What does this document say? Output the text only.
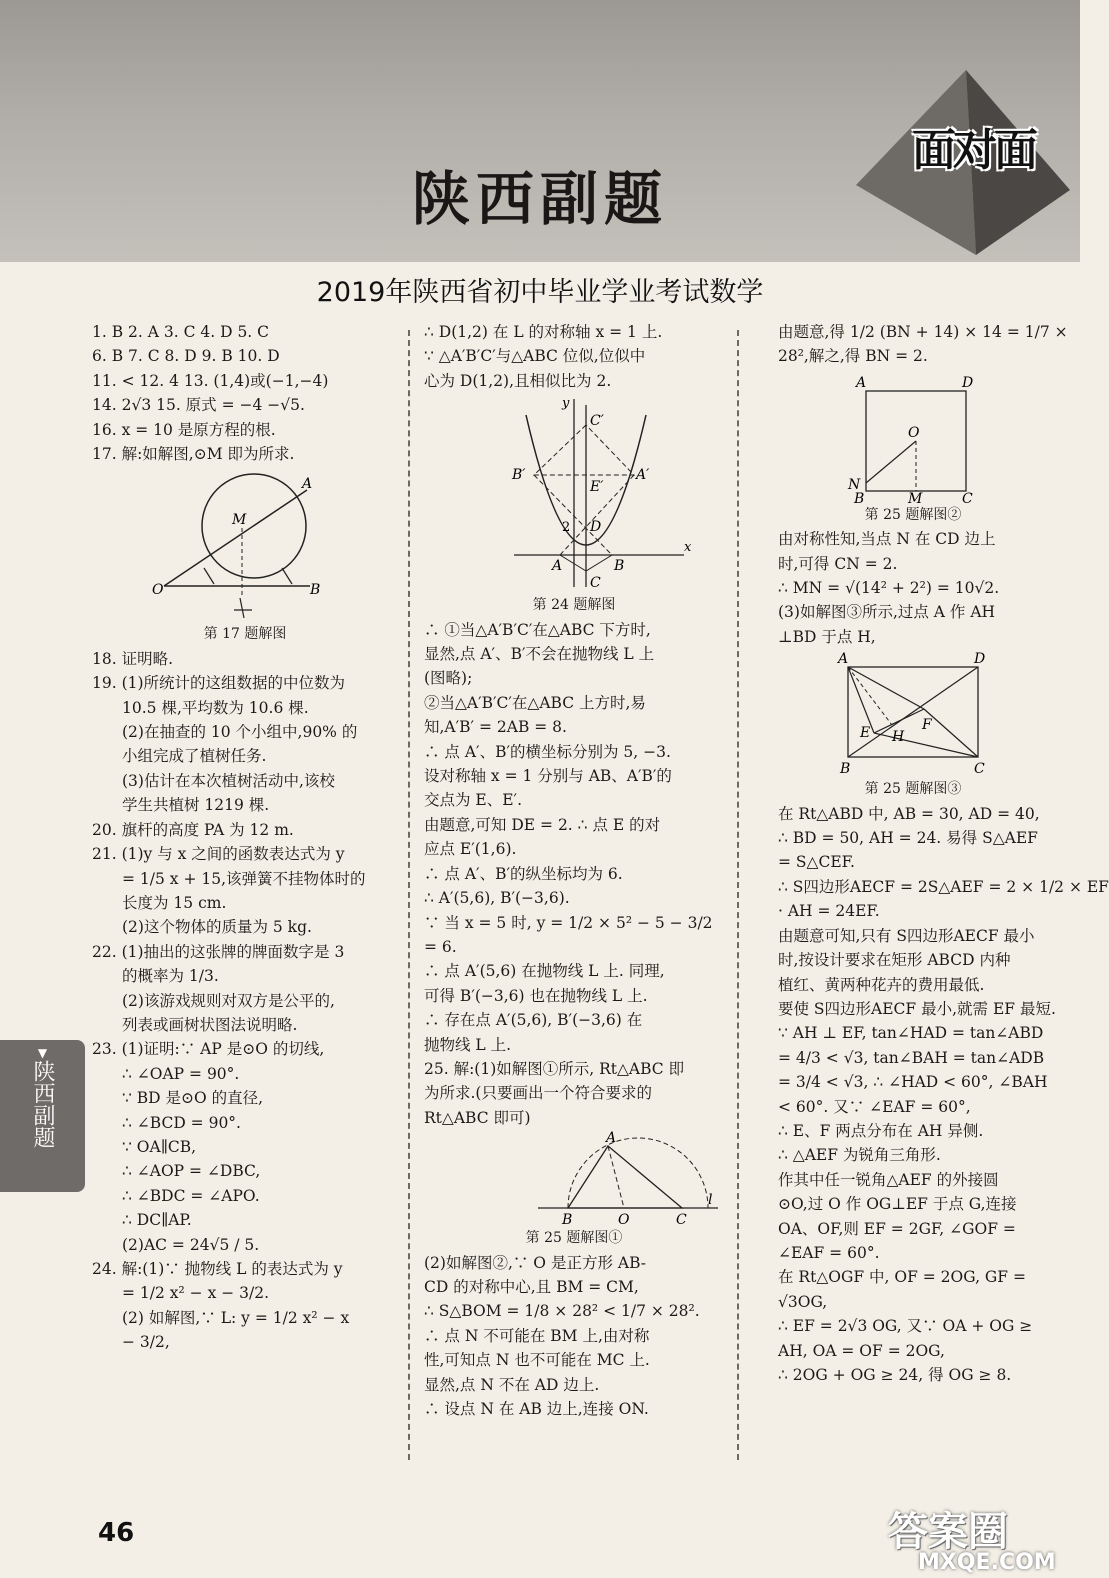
面对面
陕西副题
2019年陕西省初中毕业学业考试数学
1. B 2. A 3. C 4. D 5. C
6. B 7. C 8. D 9. B 10. D
11. < 12. 4 13. (1,4)或(−1,−4)
14. 2√3 15. 原式 = −4 −√5.
16. x = 10 是原方程的根.
17. 解:如解图,⊙M 即为所求.
O	B
A
M
第 17 题解图
18. 证明略.
19. (1)所统计的这组数据的中位数为
10.5 棵,平均数为 10.6 棵.
(2)在抽查的 10 个小组中,90% 的
小组完成了植树任务.
(3)估计在本次植树活动中,该校
学生共植树 1219 棵.
20. 旗杆的高度 PA 为 12 m.
21. (1)y 与 x 之间的函数表达式为 y
= 1/5 x + 15,该弹簧不挂物体时的
长度为 15 cm.
(2)这个物体的质量为 5 kg.
22. (1)抽出的这张牌的牌面数字是 3
的概率为 1/3.
(2)该游戏规则对双方是公平的,
列表或画树状图法说明略.
23. (1)证明:∵ AP 是⊙O 的切线,
∴ ∠OAP = 90°.
∵ BD 是⊙O 的直径,
∴ ∠BCD = 90°.
∵ OA∥CB,
∴ ∠AOP = ∠DBC,
∴ ∠BDC = ∠APO.
∴ DC∥AP.
(2)AC = 24√5 / 5.
24. 解:(1)∵ 抛物线 L 的表达式为 y
= 1/2 x² − x − 3/2.
(2) 如解图,∵ L: y = 1/2 x² − x
− 3/2,
∴ D(1,2) 在 L 的对称轴 x = 1 上.
∵ △A′B′C′与△ABC 位似,位似中
心为 D(1,2),且相似比为 2.
x
y
C′
B′	A′
E′
D
2
A	B
C
第 24 题解图
∴ ①当△A′B′C′在△ABC 下方时,
显然,点 A′、B′不会在抛物线 L 上
(图略);
②当△A′B′C′在△ABC 上方时,易
知,A′B′ = 2AB = 8.
∴ 点 A′、B′的横坐标分别为 5, −3.
设对称轴 x = 1 分别与 AB、A′B′的
交点为 E、E′.
由题意,可知 DE = 2. ∴ 点 E 的对
应点 E′(1,6).
∴ 点 A′、B′的纵坐标均为 6.
∴ A′(5,6), B′(−3,6).
∵ 当 x = 5 时, y = 1/2 × 5² − 5 − 3/2
= 6.
∴ 点 A′(5,6) 在抛物线 L 上. 同理,
可得 B′(−3,6) 也在抛物线 L 上.
∴ 存在点 A′(5,6), B′(−3,6) 在
抛物线 L 上.
25. 解:(1)如解图①所示, Rt△ABC 即
为所求.(只要画出一个符合要求的
Rt△ABC 即可)
A
B	O	C
l
第 25 题解图①
(2)如解图②,∵ O 是正方形 AB-
CD 的对称中心,且 BM = CM,
∴ S△BOM = 1/8 × 28² < 1/7 × 28².
∴ 点 N 不可能在 BM 上,由对称
性,可知点 N 也不可能在 MC 上.
显然,点 N 不在 AD 边上.
∴ 设点 N 在 AB 边上,连接 ON.
由题意,得 1/2 (BN + 14) × 14 = 1/7 ×
28²,解之,得 BN = 2.
A	D
O
N
B	M	C
第 25 题解图②
由对称性知,当点 N 在 CD 边上
时,可得 CN = 2.
∴ MN = √(14² + 2²) = 10√2.
(3)如解图③所示,过点 A 作 AH
⊥BD 于点 H,
A	D
E H
F
B	C
第 25 题解图③
在 Rt△ABD 中, AB = 30, AD = 40,
∴ BD = 50, AH = 24. 易得 S△AEF
= S△CEF.
∴ S四边形AECF = 2S△AEF = 2 × 1/2 × EF
· AH = 24EF.
由题意可知,只有 S四边形AECF 最小
时,按设计要求在矩形 ABCD 内种
植红、黄两种花卉的费用最低.
要使 S四边形AECF 最小,就需 EF 最短.
∵ AH ⊥ EF, tan∠HAD = tan∠ABD
= 4/3 < √3, tan∠BAH = tan∠ADB
= 3/4 < √3, ∴ ∠HAD < 60°, ∠BAH
< 60°. 又∵ ∠EAF = 60°,
∴ E、F 两点分布在 AH 异侧.
∴ △AEF 为锐角三角形.
作其中任一锐角△AEF 的外接圆
⊙O,过 O 作 OG⊥EF 于点 G,连接
OA、OF,则 EF = 2GF, ∠GOF =
∠EAF = 60°.
在 Rt△OGF 中, OF = 2OG, GF =
√3OG,
∴ EF = 2√3 OG, 又∵ OA + OG ≥
AH, OA = OF = 2OG,
∴ 2OG + OG ≥ 24, 得 OG ≥ 8.
▼
陕西副题
46	答案圈
MXQE.COM
